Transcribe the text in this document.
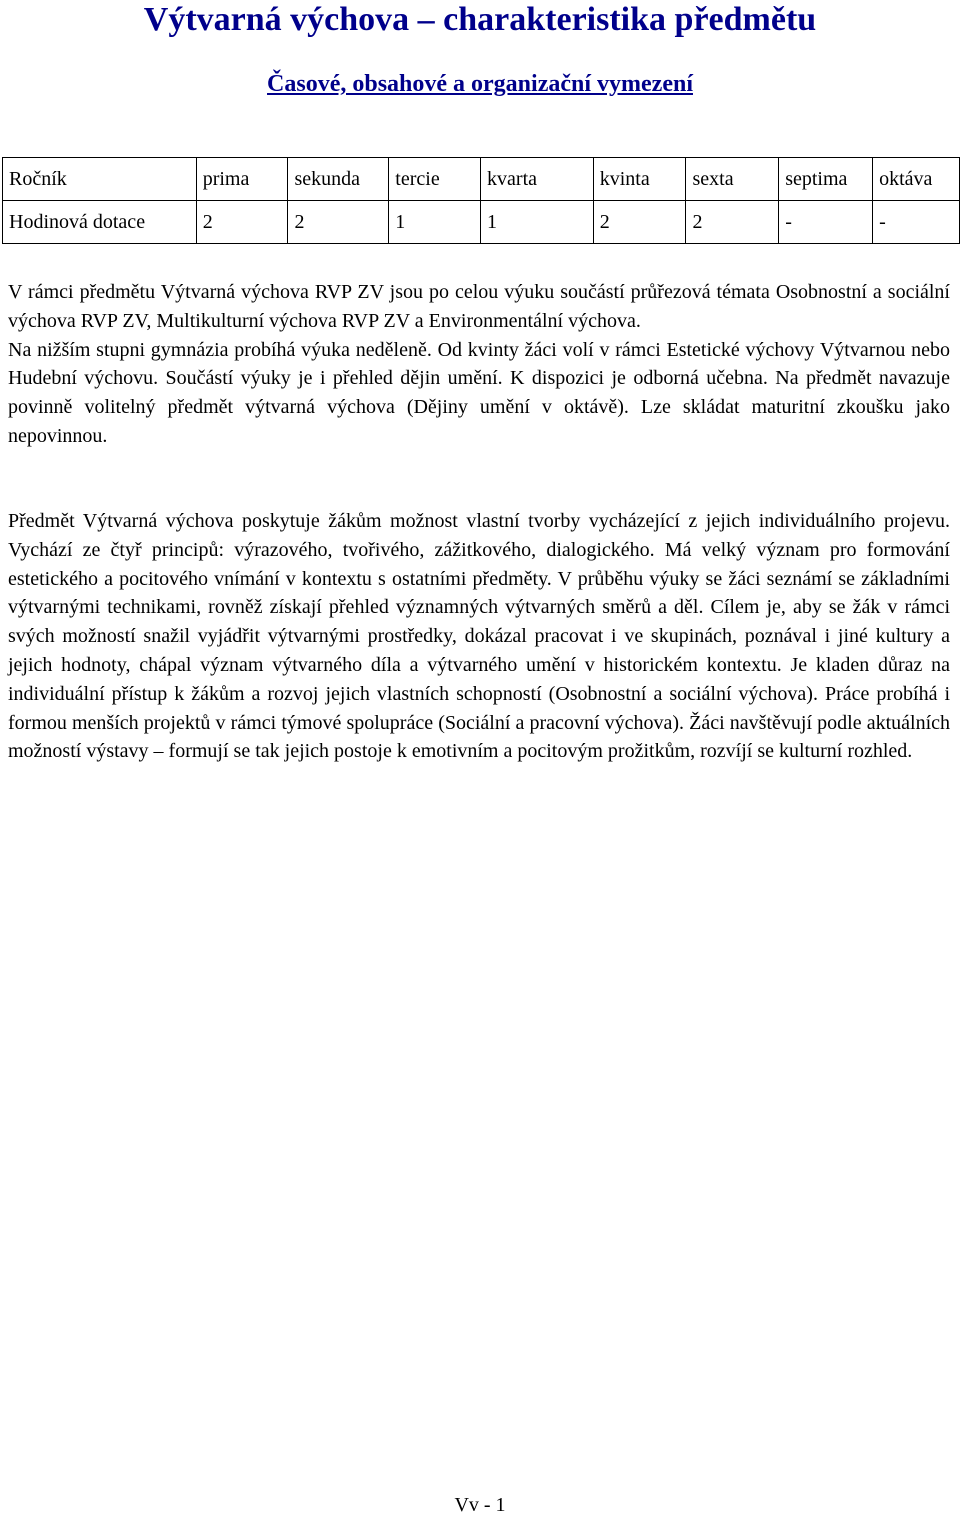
Výtvarná výchova – charakteristika předmětu
Časové, obsahové a organizační vymezení
Ročník	prima	sekunda	tercie	kvarta	kvinta	sexta	septima	oktáva
Hodinová dotace	2	2	1	1	2	2	-	-
V rámci předmětu Výtvarná výchova RVP ZV jsou po celou výuku součástí průřezová témata Osobnostní a sociální výchova RVP ZV, Multikulturní výchova RVP ZV a Environmentální výchova.
Na nižším stupni gymnázia probíhá výuka neděleně. Od kvinty žáci volí v rámci Estetické výchovy Výtvarnou nebo Hudební výchovu. Součástí výuky je i přehled dějin umění. K dispozici je odborná učebna. Na předmět navazuje povinně volitelný předmět výtvarná výchova (Dějiny umění v oktávě). Lze skládat maturitní zkoušku jako nepovinnou.

Předmět Výtvarná výchova poskytuje žákům možnost vlastní tvorby vycházející z jejich individuálního projevu. Vychází ze čtyř principů: výrazového, tvořivého, zážitkového, dialogického. Má velký význam pro formování estetického a pocitového vnímání v kontextu s ostatními předměty. V průběhu výuky se žáci seznámí se základními výtvarnými technikami, rovněž získají přehled významných výtvarných směrů a děl. Cílem je, aby se žák v rámci svých možností snažil vyjádřit výtvarnými prostředky, dokázal pracovat i ve skupinách, poznával i jiné kultury a jejich hodnoty, chápal význam výtvarného díla a výtvarného umění v historickém kontextu. Je kladen důraz na individuální přístup k žákům a rozvoj jejich vlastních schopností (Osobnostní a sociální výchova). Práce probíhá i formou menších projektů v rámci týmové spolupráce (Sociální a pracovní výchova). Žáci navštěvují podle aktuálních možností výstavy – formují se tak jejich postoje k emotivním a pocitovým prožitkům, rozvíjí se kulturní rozhled.

Vv - 1
